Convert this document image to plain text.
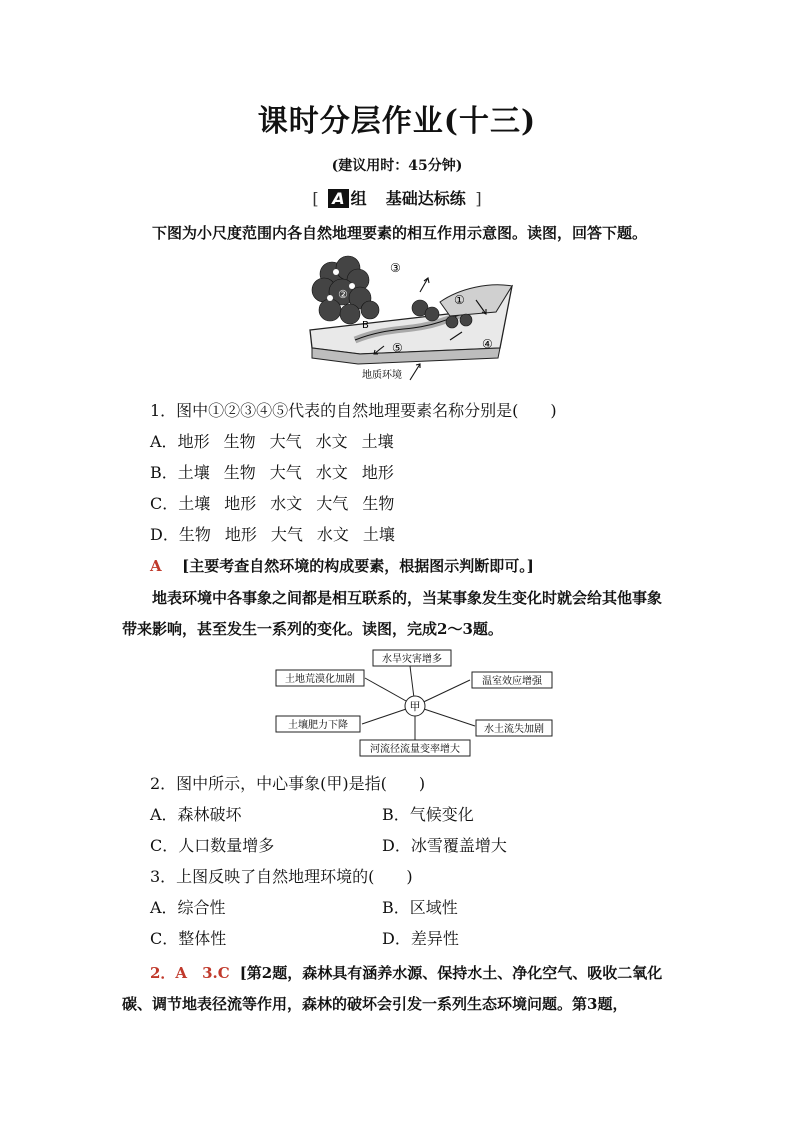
课时分层作业(十三)
(建议用时：45分钟)
[ A 组 基础达标练 ]
下图为小尺度范围内各自然地理要素的相互作用示意图。读图，回答下题。
③
②	①
④
⑤
B
地质环境
1．图中①②③④⑤代表的自然地理要素名称分别是(　　)
A．地形 生物 大气 水文 土壤
B．土壤 生物 大气 水文 地形
C．土壤 地形 水文 大气 生物
D．生物 地形 大气 水文 土壤
A [主要考查自然环境的构成要素，根据图示判断即可。]
地表环境中各事象之间都是相互联系的，当某事象发生变化时就会给其他事象带来影响，甚至发生一系列的变化。读图，完成2～3题。
甲
水旱灾害增多
土地荒漠化加剧	温室效应增强
土壤肥力下降	水土流失加剧
河流径流量变率增大
2．图中所示，中心事象(甲)是指(　　)
A．森林破坏	B．气候变化
C．人口数量增多	D．冰雪覆盖增大
3．上图反映了自然地理环境的(　　)
A．综合性	B．区域性
C．整体性	D．差异性
2．A　3.C [第2题，森林具有涵养水源、保持水土、净化空气、吸收二氧化碳、调节地表径流等作用，森林的破坏会引发一系列生态环境问题。第3题，
